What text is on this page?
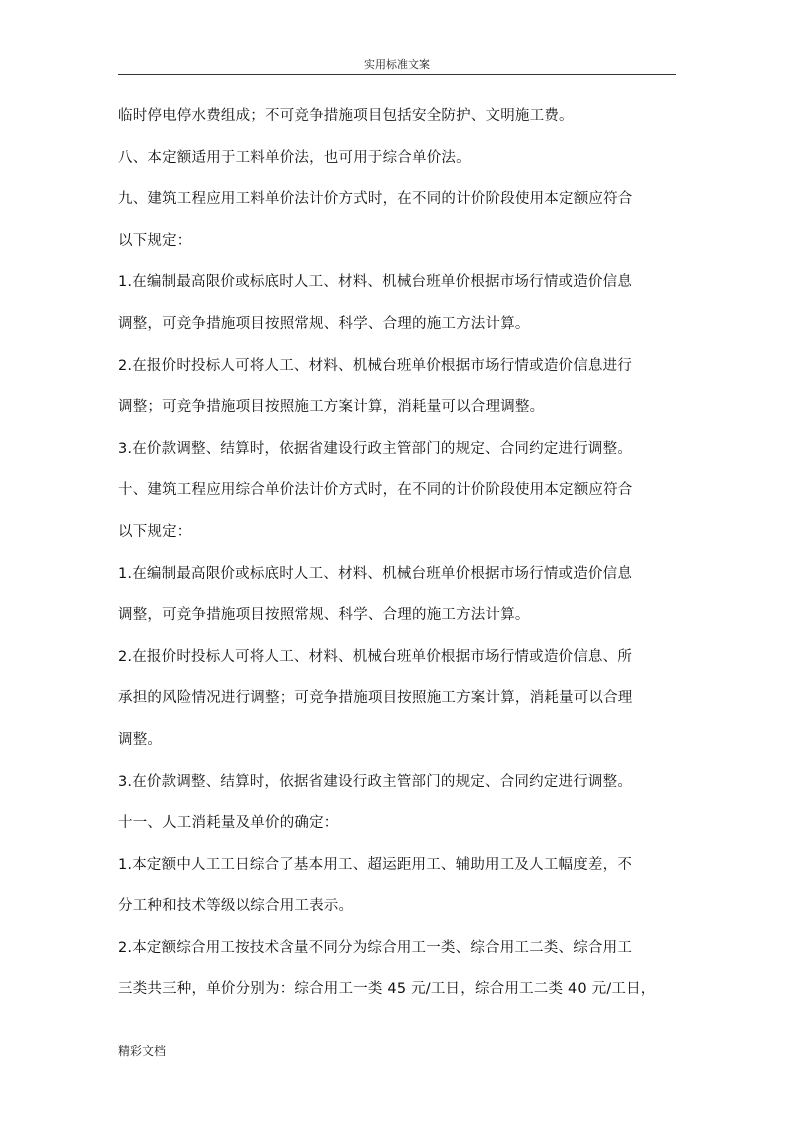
实用标准文案
临时停电停水费组成；不可竞争措施项目包括安全防护、文明施工费。
八、本定额适用于工料单价法，也可用于综合单价法。
九、建筑工程应用工料单价法计价方式时，在不同的计价阶段使用本定额应符合
以下规定：
1.在编制最高限价或标底时人工、材料、机械台班单价根据市场行情或造价信息
调整，可竞争措施项目按照常规、科学、合理的施工方法计算。
2.在报价时投标人可将人工、材料、机械台班单价根据市场行情或造价信息进行
调整；可竞争措施项目按照施工方案计算，消耗量可以合理调整。
3.在价款调整、结算时，依据省建设行政主管部门的规定、合同约定进行调整。
十、建筑工程应用综合单价法计价方式时，在不同的计价阶段使用本定额应符合
以下规定：
1.在编制最高限价或标底时人工、材料、机械台班单价根据市场行情或造价信息
调整，可竞争措施项目按照常规、科学、合理的施工方法计算。
2.在报价时投标人可将人工、材料、机械台班单价根据市场行情或造价信息、所
承担的风险情况进行调整；可竞争措施项目按照施工方案计算，消耗量可以合理
调整。
3.在价款调整、结算时，依据省建设行政主管部门的规定、合同约定进行调整。
十一、人工消耗量及单价的确定：
1.本定额中人工工日综合了基本用工、超运距用工、辅助用工及人工幅度差，不
分工种和技术等级以综合用工表示。
2.本定额综合用工按技术含量不同分为综合用工一类、综合用工二类、综合用工
三类共三种，单价分别为：综合用工一类 45 元/工日，综合用工二类 40 元/工日，
精彩文档
